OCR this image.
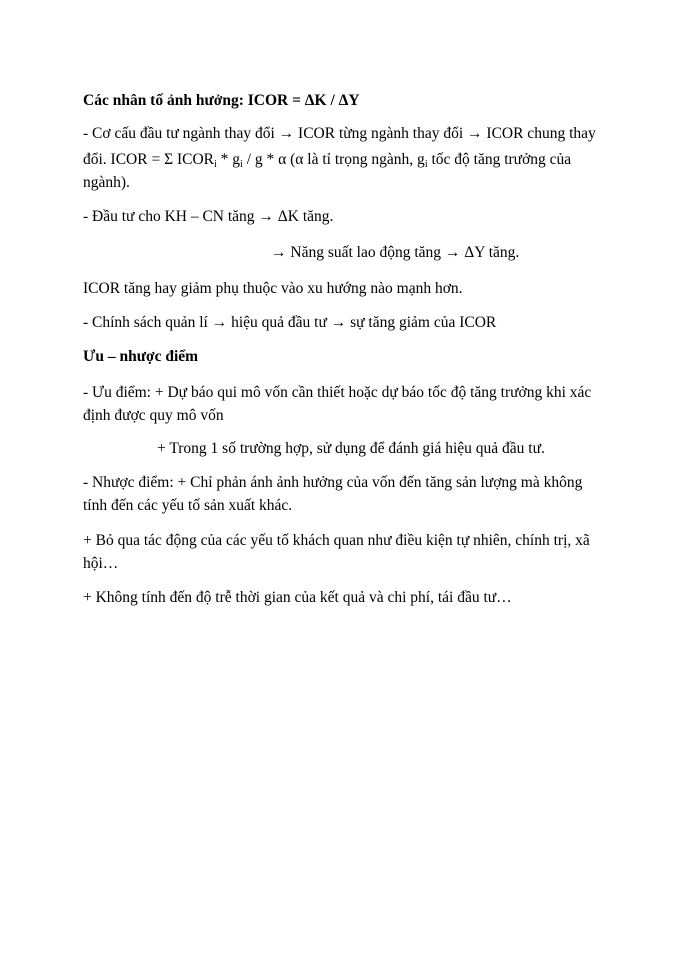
Các nhân tố ảnh hưởng: ICOR = ΔK / ΔY
- Cơ cấu đầu tư ngành thay đổi → ICOR từng ngành thay đổi → ICOR chung thay
đổi. ICOR = Σ $ICOR_i * g_i$ / g * α (α là tỉ trọng ngành, $g_i$ tốc độ tăng trưởng của
ngành).
- Đầu tư cho KH – CN tăng → ΔK tăng.
→ Năng suất lao động tăng → ΔY tăng.
ICOR tăng hay giảm phụ thuộc vào xu hướng nào mạnh hơn.
- Chính sách quản lí → hiệu quả đầu tư → sự tăng giảm của ICOR
Ưu – nhược điểm
- Ưu điểm: + Dự báo qui mô vốn cần thiết hoặc dự báo tốc độ tăng trưởng khi xác
định được quy mô vốn
+ Trong 1 số trường hợp, sử dụng để đánh giá hiệu quả đầu tư.
- Nhược điểm: + Chỉ phản ánh ảnh hưởng của vốn đến tăng sản lượng mà không
tính đến các yếu tố sản xuất khác.
+ Bỏ qua tác động của các yếu tố khách quan như điều kiện tự nhiên, chính trị, xã
hội…
+ Không tính đến độ trễ thời gian của kết quả và chi phí, tái đầu tư…
